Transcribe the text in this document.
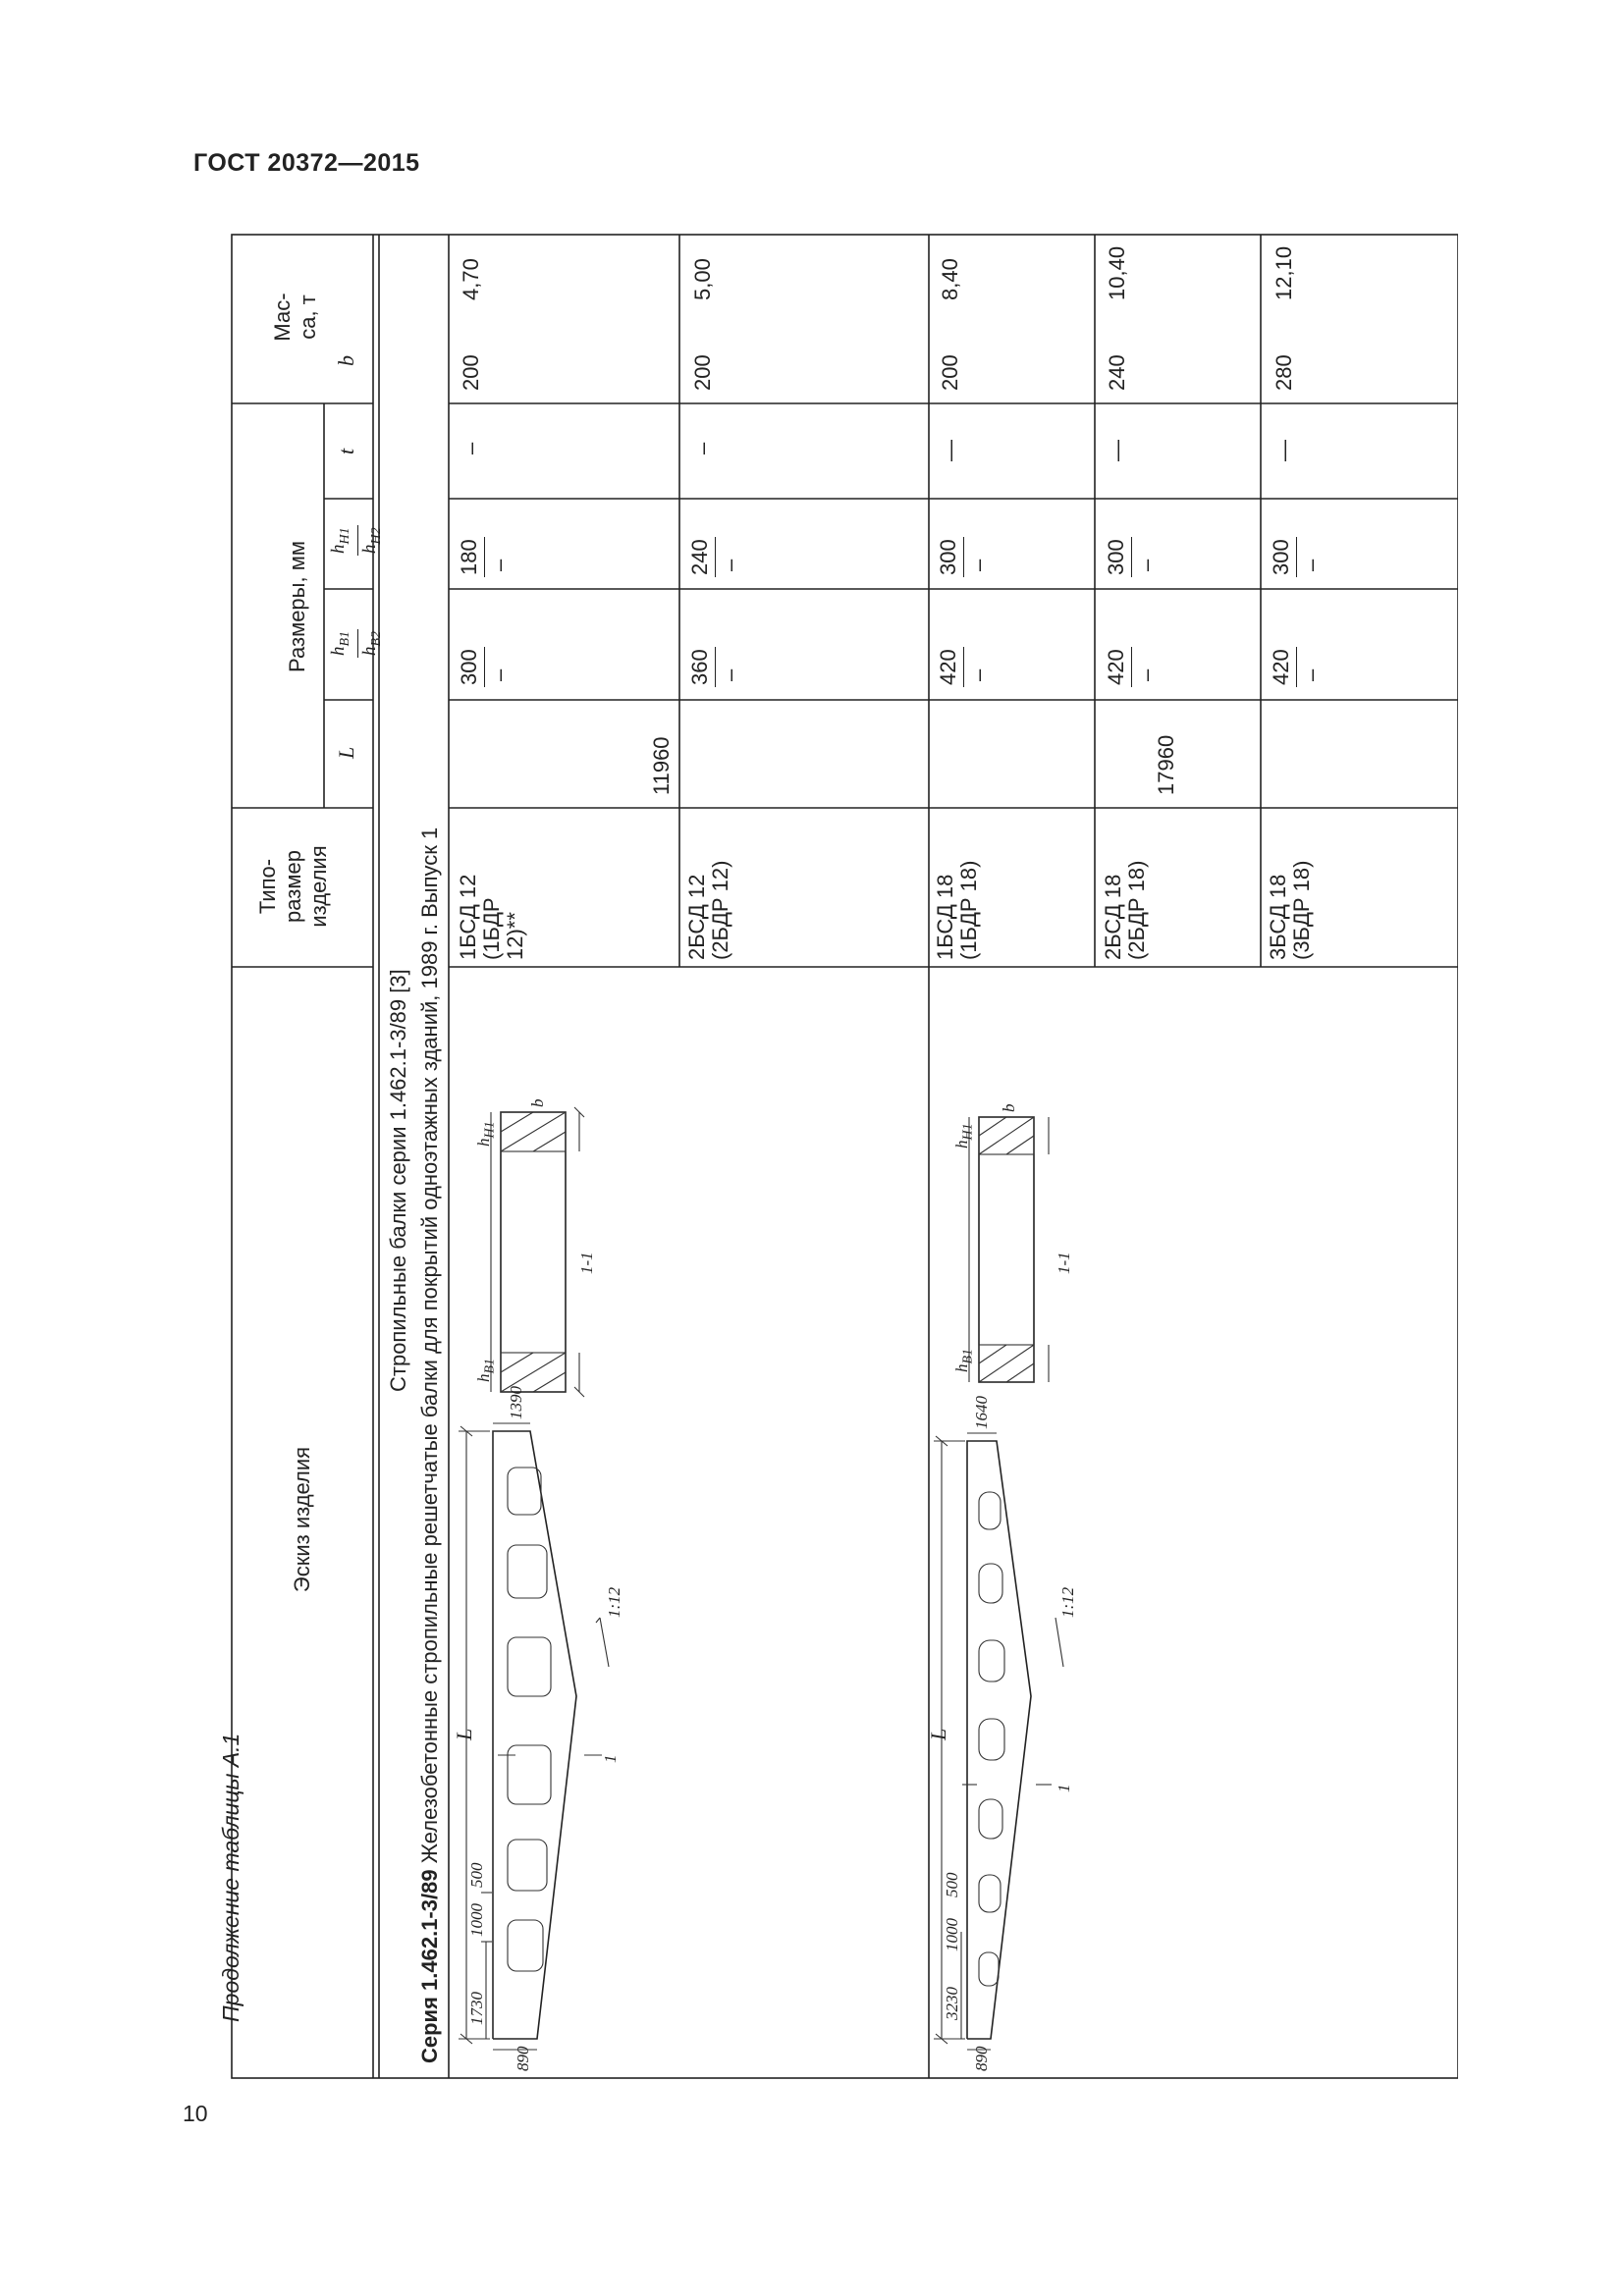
ГОСТ 20372—2015
Продолжение таблицы А.1
10
890
1390
1:12
L
1
1730
1000
500
1-1
$h_{B1}$
$h_{H1}$
b
890
1640
1:12
L
1
3230
1000
500
1-1
$h_{B1}$
$h_{H1}$
b
Эскиз изделия
Типо-
размер
изделия
Размеры, мм
L
$h_{B1}$
$h_{B2}$
$h_{H1}$
$h_{H2}$
t
b
Мас-
са, т
Стропильные балки серии 1.462.1-3/89 [3]
Серия 1.462.1-3/89 Железобетонные стропильные решетчатые балки для покрытий одноэтажных зданий, 1989 г. Выпуск 1
11960
1БСД 12
(1БДР
12)**
300 –
180 –
–
200
4,70
2БСД 12
(2БДР 12)
360 –
240 –
–
200
5,00
17960
1БСД 18
(1БДР 18)
420 –
300 –
—
200
8,40
2БСД 18
(2БДР 18)
420 –
300 –
—
240
10,40
3БСД 18
(3БДР 18)
420 –
300 –
—
280
12,10
